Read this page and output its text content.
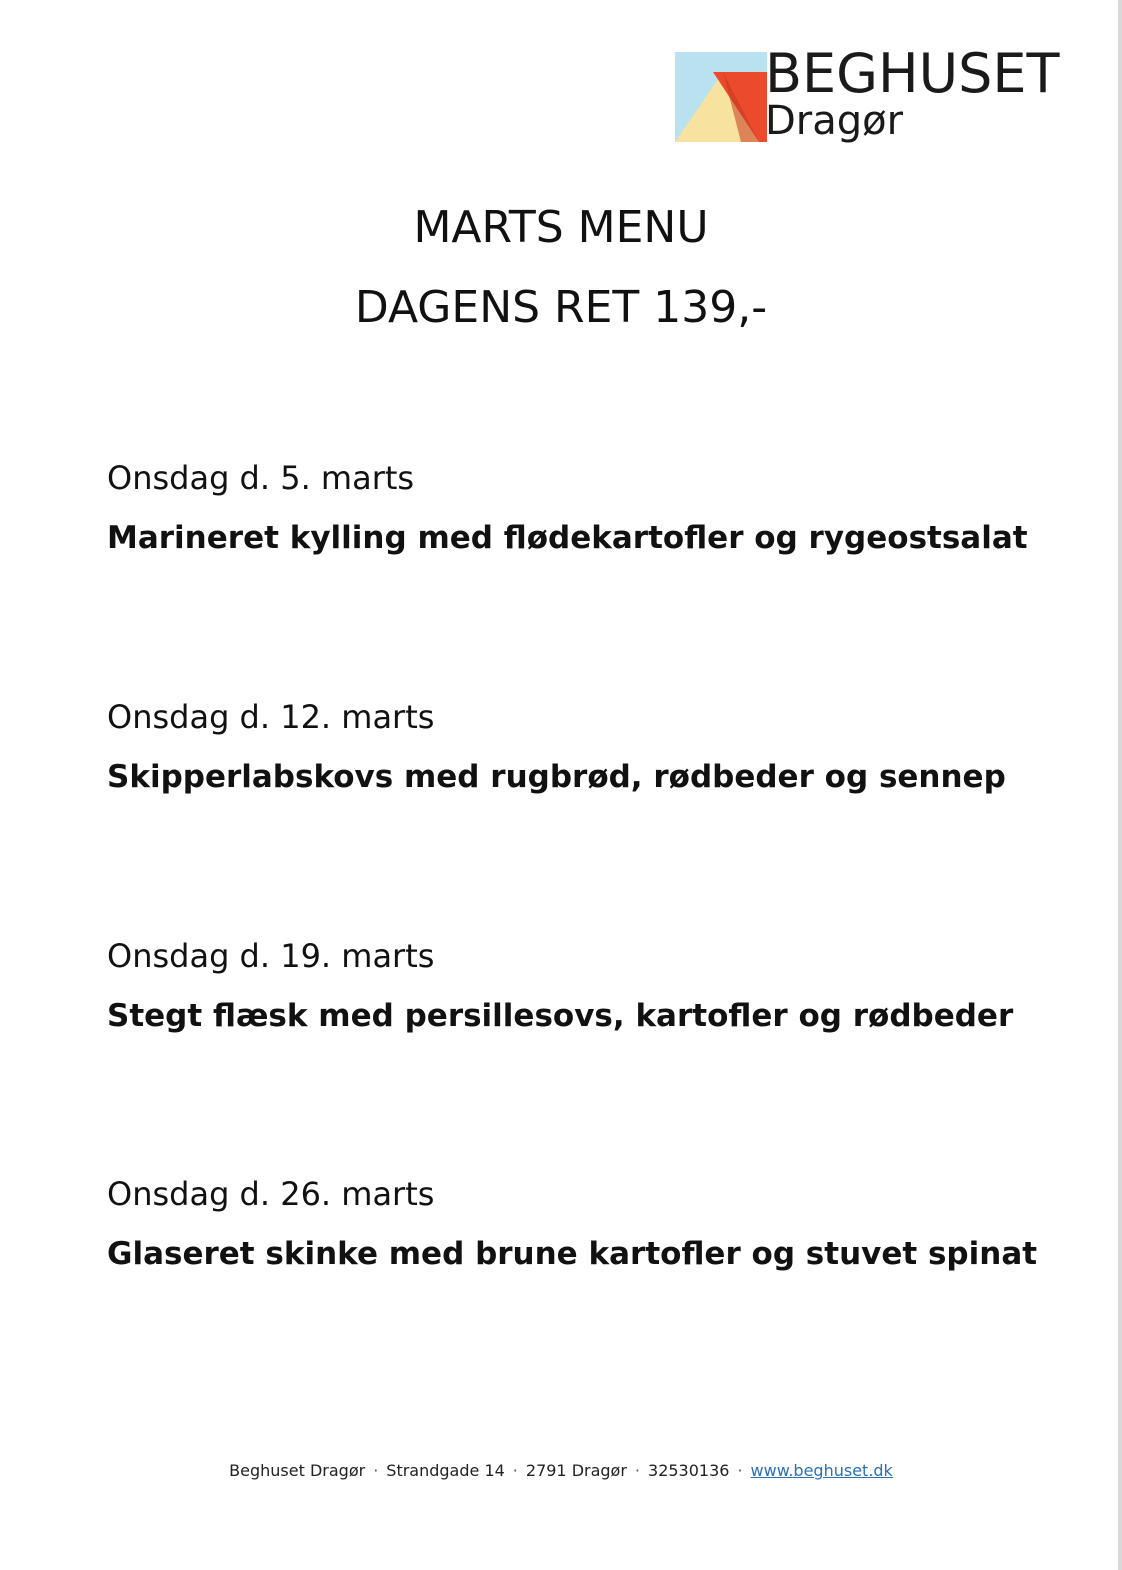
BEGHUSET
Dragør
MARTS MENU
DAGENS RET 139,-
Onsdag d. 5. marts
Marineret kylling med flødekartofler og rygeostsalat
Onsdag d. 12. marts
Skipperlabskovs med rugbrød, rødbeder og sennep
Onsdag d. 19. marts
Stegt flæsk med persillesovs, kartofler og rødbeder
Onsdag d. 26. marts
Glaseret skinke med brune kartofler og stuvet spinat
Beghuset Dragør · Strandgade 14 · 2791 Dragør · 32530136 · www.beghuset.dk
